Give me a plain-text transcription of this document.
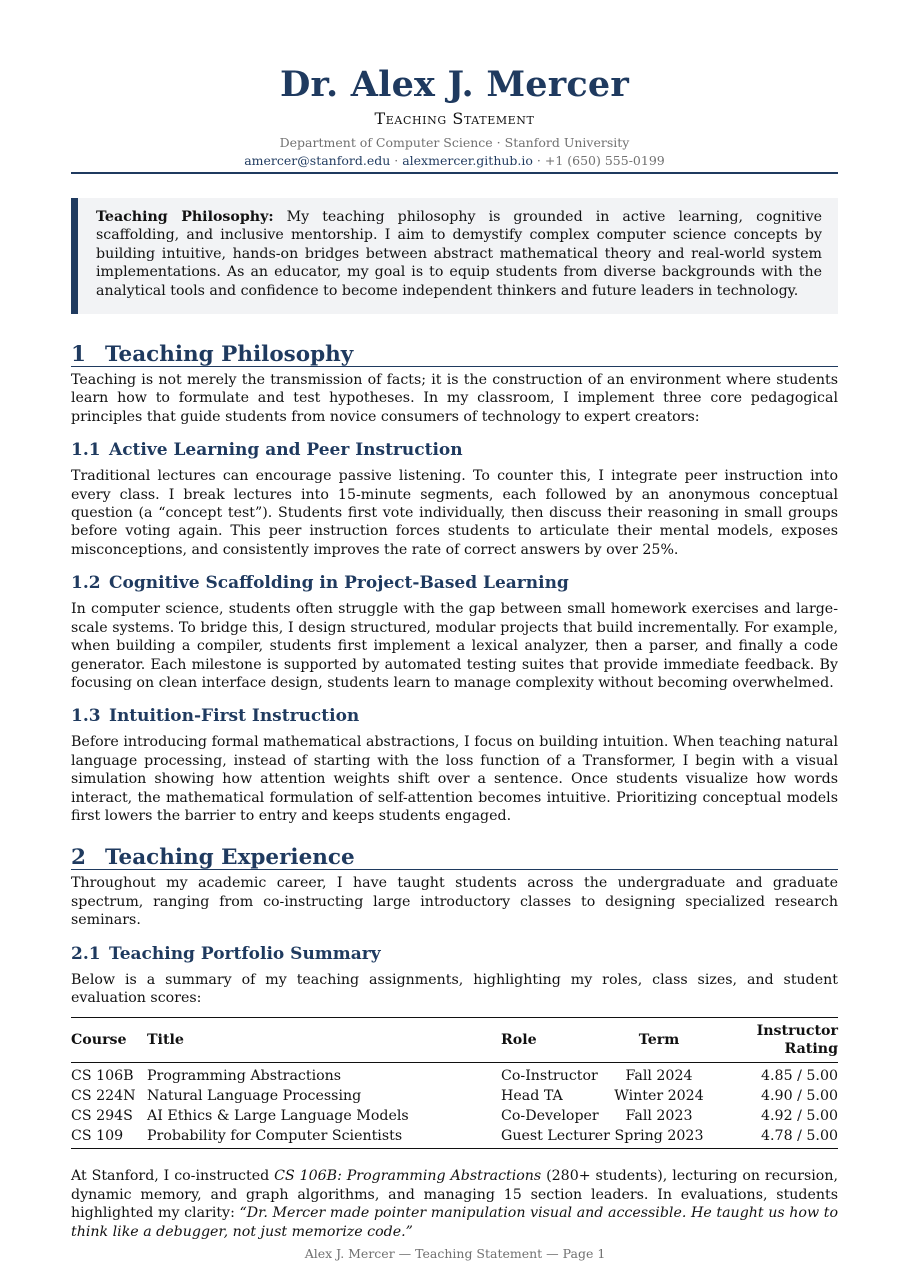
Dr. Alex J. Mercer
Teaching Statement
Department of Computer Science · Stanford University
amercer@stanford.edu · alexmercer.github.io · +1 (650) 555-0199
Teaching Philosophy: My teaching philosophy is grounded in active learning, cognitive scaffolding, and inclusive mentorship. I aim to demystify complex computer science concepts by building intuitive, hands-on bridges between abstract mathematical theory and real-world system implementations. As an educator, my goal is to equip students from diverse backgrounds with the analytical tools and confidence to become independent thinkers and future leaders in technology.
1 Teaching Philosophy

Teaching is not merely the transmission of facts; it is the construction of an environment where students learn how to formulate and test hypotheses. In my classroom, I implement three core pedagogical principles that guide students from novice consumers of technology to expert creators:

1.1 Active Learning and Peer Instruction

Traditional lectures can encourage passive listening. To counter this, I integrate peer instruction into every class. I break lectures into 15-minute segments, each followed by an anonymous conceptual question (a “concept test”). Students first vote individually, then discuss their reasoning in small groups before voting again. This peer instruction forces students to articulate their mental models, exposes misconceptions, and consistently improves the rate of correct answers by over 25%.

1.2 Cognitive Scaffolding in Project-Based Learning

In computer science, students often struggle with the gap between small homework exercises and large-scale systems. To bridge this, I design structured, modular projects that build incrementally. For example, when building a compiler, students first implement a lexical analyzer, then a parser, and finally a code generator. Each milestone is supported by automated testing suites that provide immediate feedback. By focusing on clean interface design, students learn to manage complexity without becoming overwhelmed.

1.3 Intuition-First Instruction

Before introducing formal mathematical abstractions, I focus on building intuition. When teaching natural language processing, instead of starting with the loss function of a Transformer, I begin with a visual simulation showing how attention weights shift over a sentence. Once students visualize how words interact, the mathematical formulation of self-attention becomes intuitive. Prioritizing conceptual models first lowers the barrier to entry and keeps students engaged.

2 Teaching Experience

Throughout my academic career, I have taught students across the undergraduate and graduate spectrum, ranging from co-instructing large introductory classes to designing specialized research seminars.

2.1 Teaching Portfolio Summary

Below is a summary of my teaching assignments, highlighting my roles, class sizes, and student evaluation scores:

Course	Title	Role	Term	Instructor Rating
CS 106B	Programming Abstractions	Co-Instructor	Fall 2024	4.85 / 5.00
CS 224N	Natural Language Processing	Head TA	Winter 2024	4.90 / 5.00
CS 294S	AI Ethics & Large Language Models	Co-Developer	Fall 2023	4.92 / 5.00
CS 109	Probability for Computer Scientists	Guest Lecturer	Spring 2023	4.78 / 5.00

At Stanford, I co-instructed CS 106B: Programming Abstractions (280+ students), lecturing on recursion, dynamic memory, and graph algorithms, and managing 15 section leaders. In evaluations, students highlighted my clarity: “Dr. Mercer made pointer manipulation visual and accessible. He taught us how to think like a debugger, not just memorize code.”

Alex J. Mercer — Teaching Statement — Page 1
